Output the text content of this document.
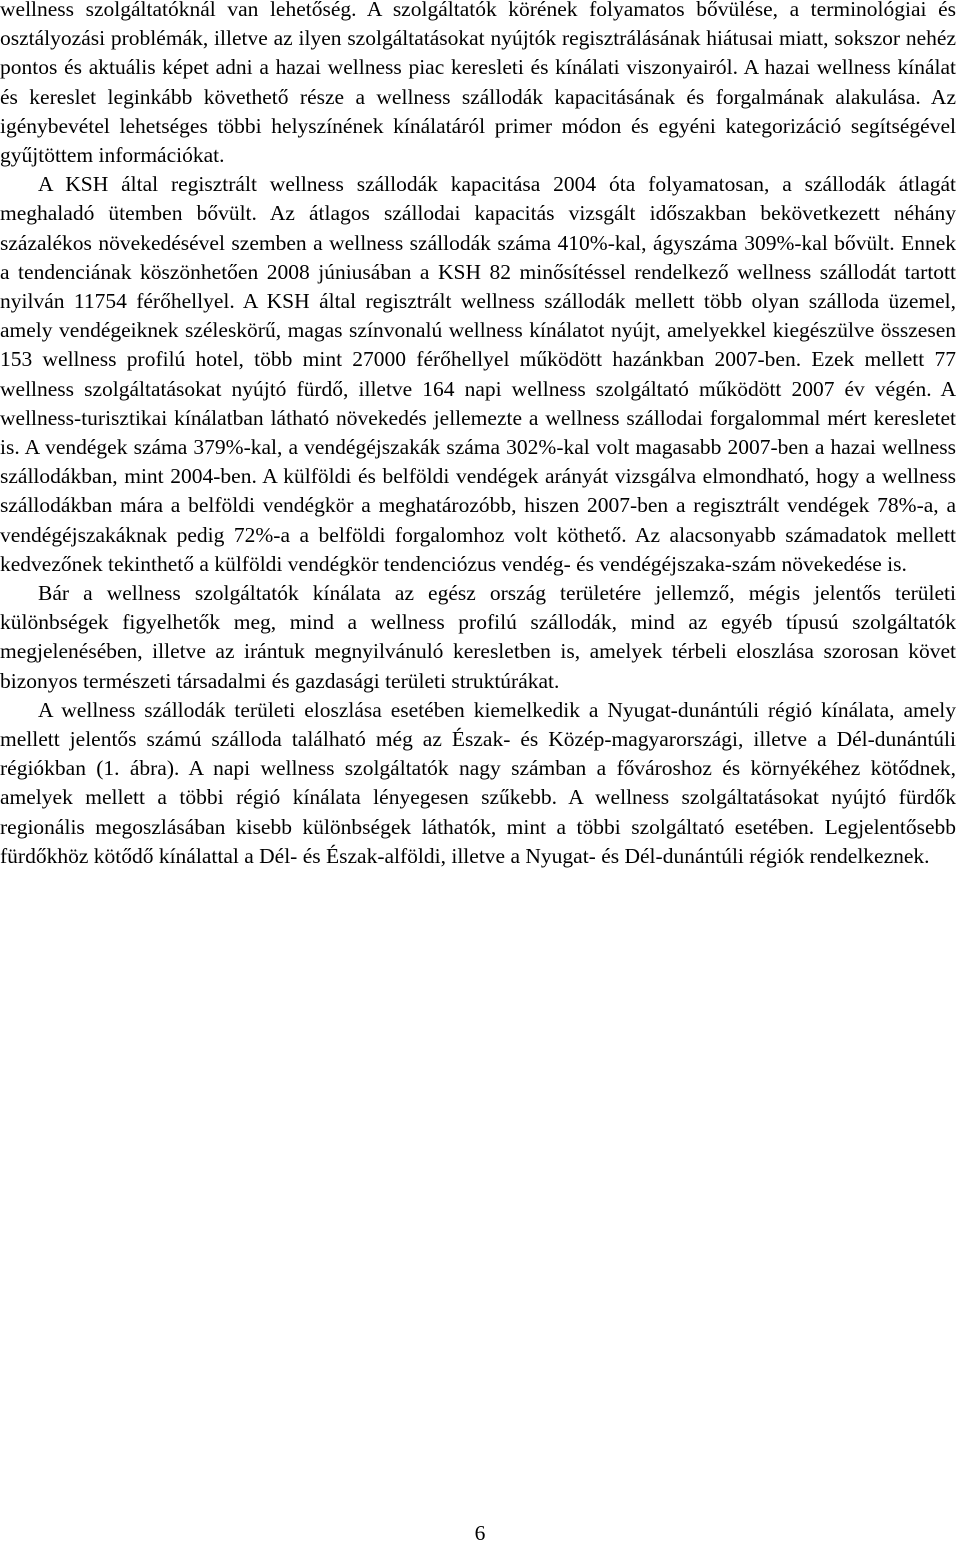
wellness szolgáltatóknál van lehetőség. A szolgáltatók körének folyamatos bővülése, a terminológiai és osztályozási problémák, illetve az ilyen szolgáltatásokat nyújtók regisztrálásának hiátusai miatt, sokszor nehéz pontos és aktuális képet adni a hazai wellness piac keresleti és kínálati viszonyairól. A hazai wellness kínálat és kereslet leginkább követhető része a wellness szállodák kapacitásának és forgalmának alakulása. Az igénybevétel lehetséges többi helyszínének kínálatáról primer módon és egyéni kategorizáció segítségével gyűjtöttem információkat.

A KSH által regisztrált wellness szállodák kapacitása 2004 óta folyamatosan, a szállodák átlagát meghaladó ütemben bővült. Az átlagos szállodai kapacitás vizsgált időszakban bekövetkezett néhány százalékos növekedésével szemben a wellness szállodák száma 410%-kal, ágyszáma 309%-kal bővült. Ennek a tendenciának köszönhetően 2008 júniusában a KSH 82 minősítéssel rendelkező wellness szállodát tartott nyilván 11754 férőhellyel. A KSH által regisztrált wellness szállodák mellett több olyan szálloda üzemel, amely vendégeiknek széleskörű, magas színvonalú wellness kínálatot nyújt, amelyekkel kiegészülve összesen 153 wellness profilú hotel, több mint 27000 férőhellyel működött hazánkban 2007-ben. Ezek mellett 77 wellness szolgáltatásokat nyújtó fürdő, illetve 164 napi wellness szolgáltató működött 2007 év végén. A wellness-turisztikai kínálatban látható növekedés jellemezte a wellness szállodai forgalommal mért keresletet is. A vendégek száma 379%-kal, a vendégéjszakák száma 302%-kal volt magasabb 2007-ben a hazai wellness szállodákban, mint 2004-ben. A külföldi és belföldi vendégek arányát vizsgálva elmondható, hogy a wellness szállodákban mára a belföldi vendégkör a meghatározóbb, hiszen 2007-ben a regisztrált vendégek 78%-a, a vendégéjszakáknak pedig 72%-a a belföldi forgalomhoz volt köthető. Az alacsonyabb számadatok mellett kedvezőnek tekinthető a külföldi vendégkör tendenciózus vendég- és vendégéjszaka-szám növekedése is.

Bár a wellness szolgáltatók kínálata az egész ország területére jellemző, mégis jelentős területi különbségek figyelhetők meg, mind a wellness profilú szállodák, mind az egyéb típusú szolgáltatók megjelenésében, illetve az irántuk megnyilvánuló keresletben is, amelyek térbeli eloszlása szorosan követ bizonyos természeti társadalmi és gazdasági területi struktúrákat.

A wellness szállodák területi eloszlása esetében kiemelkedik a Nyugat-dunántúli régió kínálata, amely mellett jelentős számú szálloda található még az Észak- és Közép-magyarországi, illetve a Dél-dunántúli régiókban (1. ábra). A napi wellness szolgáltatók nagy számban a fővároshoz és környékéhez kötődnek, amelyek mellett a többi régió kínálata lényegesen szűkebb. A wellness szolgáltatásokat nyújtó fürdők regionális megoszlásában kisebb különbségek láthatók, mint a többi szolgáltató esetében. Legjelentősebb fürdőkhöz kötődő kínálattal a Dél- és Észak-alföldi, illetve a Nyugat- és Dél-dunántúli régiók rendelkeznek.

6
